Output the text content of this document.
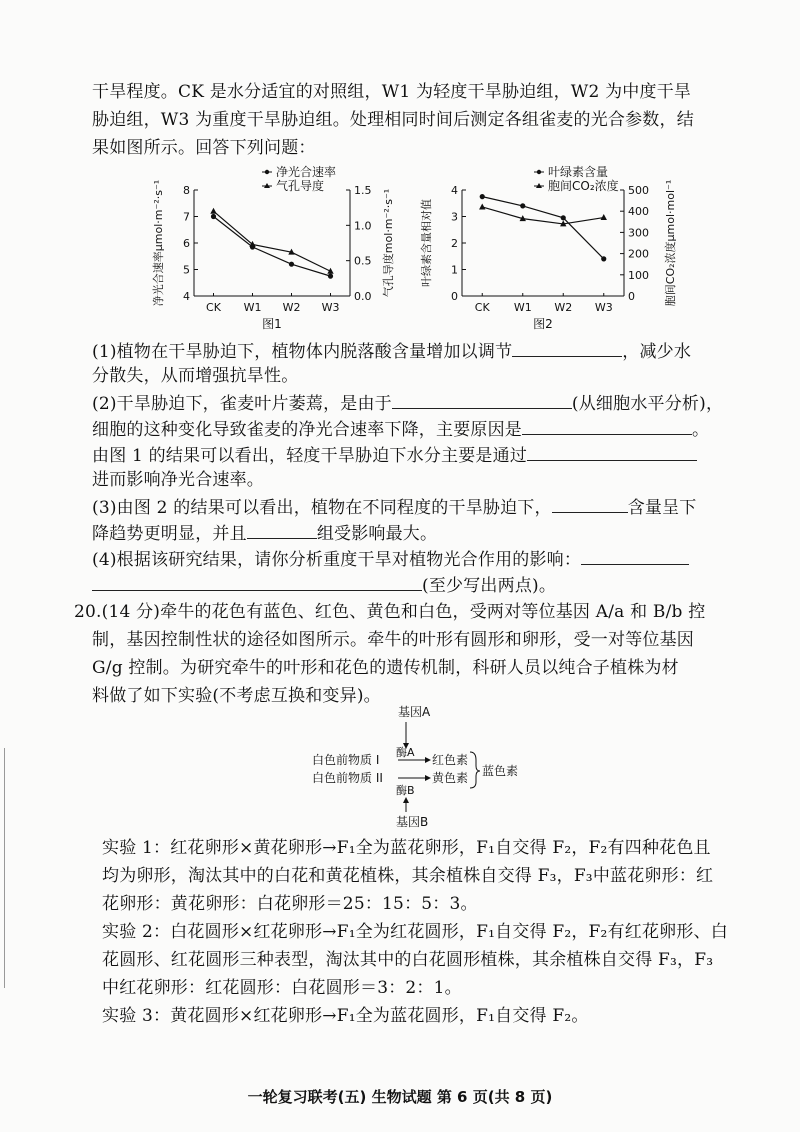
干旱程度。CK 是水分适宜的对照组，W1 为轻度干旱胁迫组，W2 为中度干旱
胁迫组，W3 为重度干旱胁迫组。处理相同时间后测定各组雀麦的光合参数，结
果如图所示。回答下列问题：
4
5
6
7
8
0.0
0.5
1.0
1.5
CK W1 W2 W3
净光合速率
气孔导度
净光合速率μmol·m⁻²·s⁻¹	气孔导度mol·m⁻²·s⁻¹
图1
0
1
2
3
4
0
100
200
300
400
500
CK W1 W2 W3
叶绿素含量
胞间CO₂浓度
叶绿素含量相对值	胞间CO₂浓度μmol·mol⁻¹
图2
(1)植物在干旱胁迫下，植物体内脱落酸含量增加以调节	，减少水
分散失，从而增强抗旱性。
(2)干旱胁迫下，雀麦叶片萎蔫，是由于	(从细胞水平分析)，
细胞的这种变化导致雀麦的净光合速率下降，主要原因是	。
由图 1 的结果可以看出，轻度干旱胁迫下水分主要是通过
进而影响净光合速率。
(3)由图 2 的结果可以看出，植物在不同程度的干旱胁迫下，	含量呈下
降趋势更明显，并且	组受影响最大。
(4)根据该研究结果，请你分析重度干旱对植物光合作用的影响：
(至少写出两点)。
20.(14 分)牵牛的花色有蓝色、红色、黄色和白色，受两对等位基因 A/a 和 B/b 控
制，基因控制性状的途径如图所示。牵牛的叶形有圆形和卵形，受一对等位基因
G/g 控制。为研究牵牛的叶形和花色的遗传机制，科研人员以纯合子植株为材
料做了如下实验(不考虑互换和变异)。
基因A
白色前物质 I
酶A
红色素
白色前物质 II
酶B
黄色素 蓝色素
基因B
实验 1：红花卵形×黄花卵形→F₁全为蓝花卵形，F₁自交得 F₂，F₂有四种花色且
均为卵形，淘汰其中的白花和黄花植株，其余植株自交得 F₃，F₃中蓝花卵形：红
花卵形：黄花卵形：白花卵形＝25：15：5：3。
实验 2：白花圆形×红花卵形→F₁全为红花圆形，F₁自交得 F₂，F₂有红花卵形、白
花圆形、红花圆形三种表型，淘汰其中的白花圆形植株，其余植株自交得 F₃，F₃
中红花卵形：红花圆形：白花圆形＝3：2：1。
实验 3：黄花圆形×红花卵形→F₁全为蓝花圆形，F₁自交得 F₂。
一轮复习联考(五) 生物试题 第 6 页(共 8 页)
